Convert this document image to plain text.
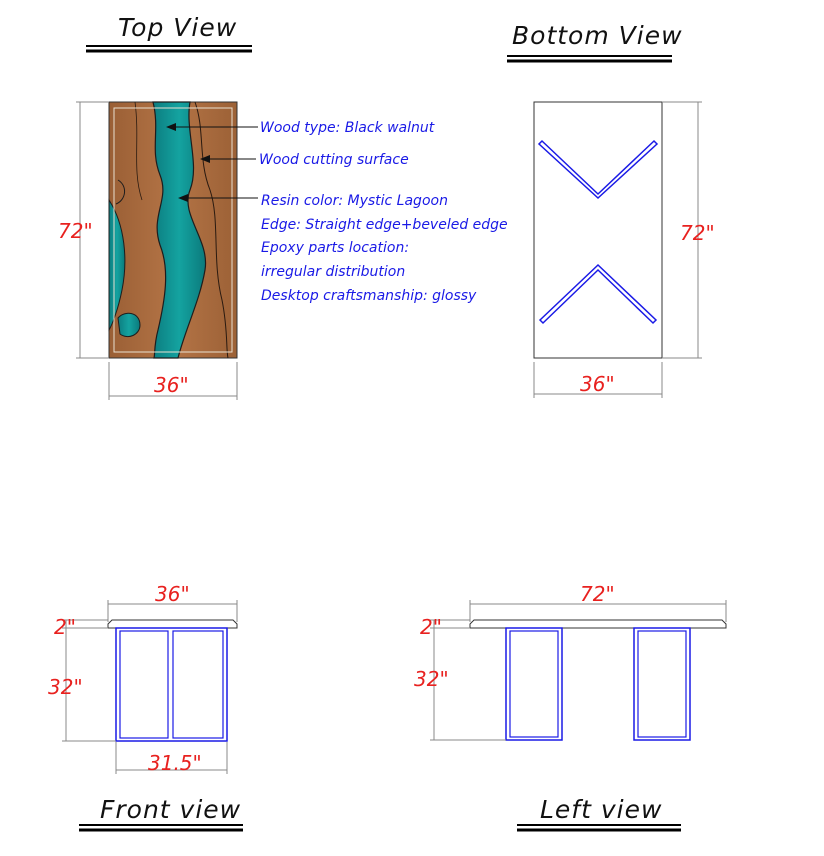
Top View
72"
36"
Wood type: Black walnut
Wood cutting surface
Resin color: Mystic Lagoon
Edge: Straight edge+beveled edge
Epoxy parts location:
irregular distribution
Desktop craftsmanship: glossy
Bottom View
72"
36"
36"
2"
32"
31.5"
Front view
72"
2"
32"
Left view
